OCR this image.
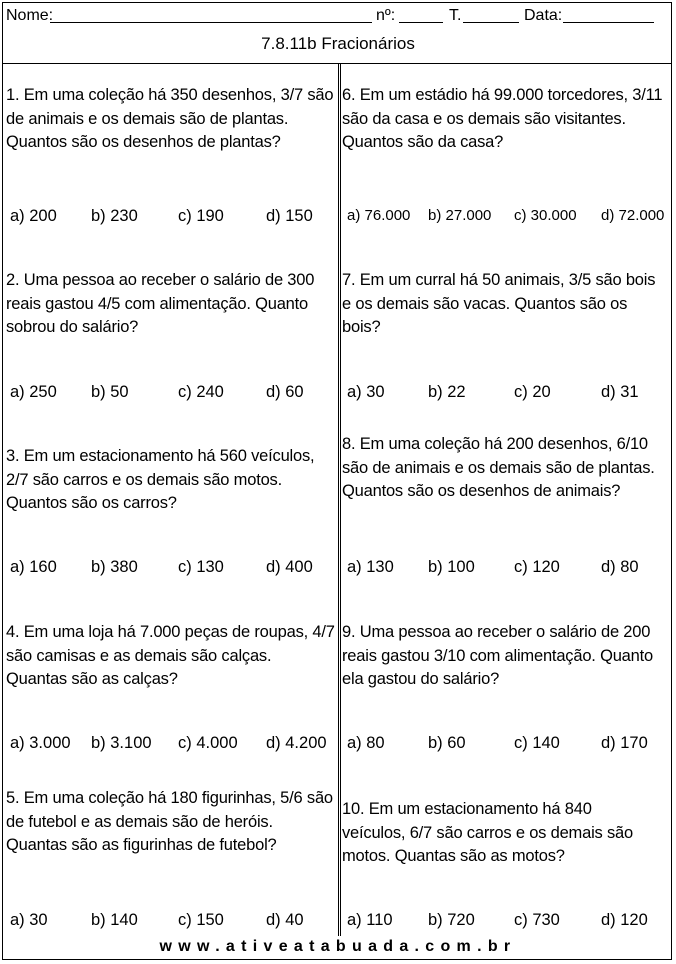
Nome:	nº:	T.	Data:
7.8.11b Fracionários
1. Em uma coleção há 350 desenhos, 3/7 são de animais e os demais são de plantas. Quantos são os desenhos de plantas?
a) 200 b) 230 c) 190	d) 150
2. Uma pessoa ao receber o salário de 300 reais gastou 4/5 com alimentação. Quanto sobrou do salário?
a) 250 b) 50	c) 240	d) 60
3. Em um estacionamento há 560 veículos, 2/7 são carros e os demais são motos. Quantos são os carros?
a) 160 b) 380 c) 130	d) 400
4. Em uma loja há 7.000 peças de roupas, 4/7 são camisas e as demais são calças. Quantas são as calças?
a) 3.000 b) 3.100 c) 4.000 d) 4.200
5. Em uma coleção há 180 figurinhas, 5/6 são de futebol e as demais são de heróis. Quantas são as figurinhas de futebol?
a) 30	b) 140 c) 150	d) 40
6. Em um estádio há 99.000 torcedores, 3/11 são da casa e os demais são visitantes. Quantos são da casa?
a) 76.000 b) 27.000 c) 30.000 d) 72.000
7. Em um curral há 50 animais, 3/5 são bois e os demais são vacas. Quantos são os bois?
a) 30	b) 22	c) 20	d) 31
8. Em uma coleção há 200 desenhos, 6/10 são de animais e os demais são de plantas. Quantos são os desenhos de animais?
a) 130 b) 100 c) 120 d) 80
9. Uma pessoa ao receber o salário de 200 reais gastou 3/10 com alimentação. Quanto ela gastou do salário?
a) 80	b) 60	c) 140 d) 170
10. Em um estacionamento há 840 veículos, 6/7 são carros e os demais são motos. Quantas são as motos?
a) 110 b) 720 c) 730 d) 120
www.ativeatabuada.com.br
